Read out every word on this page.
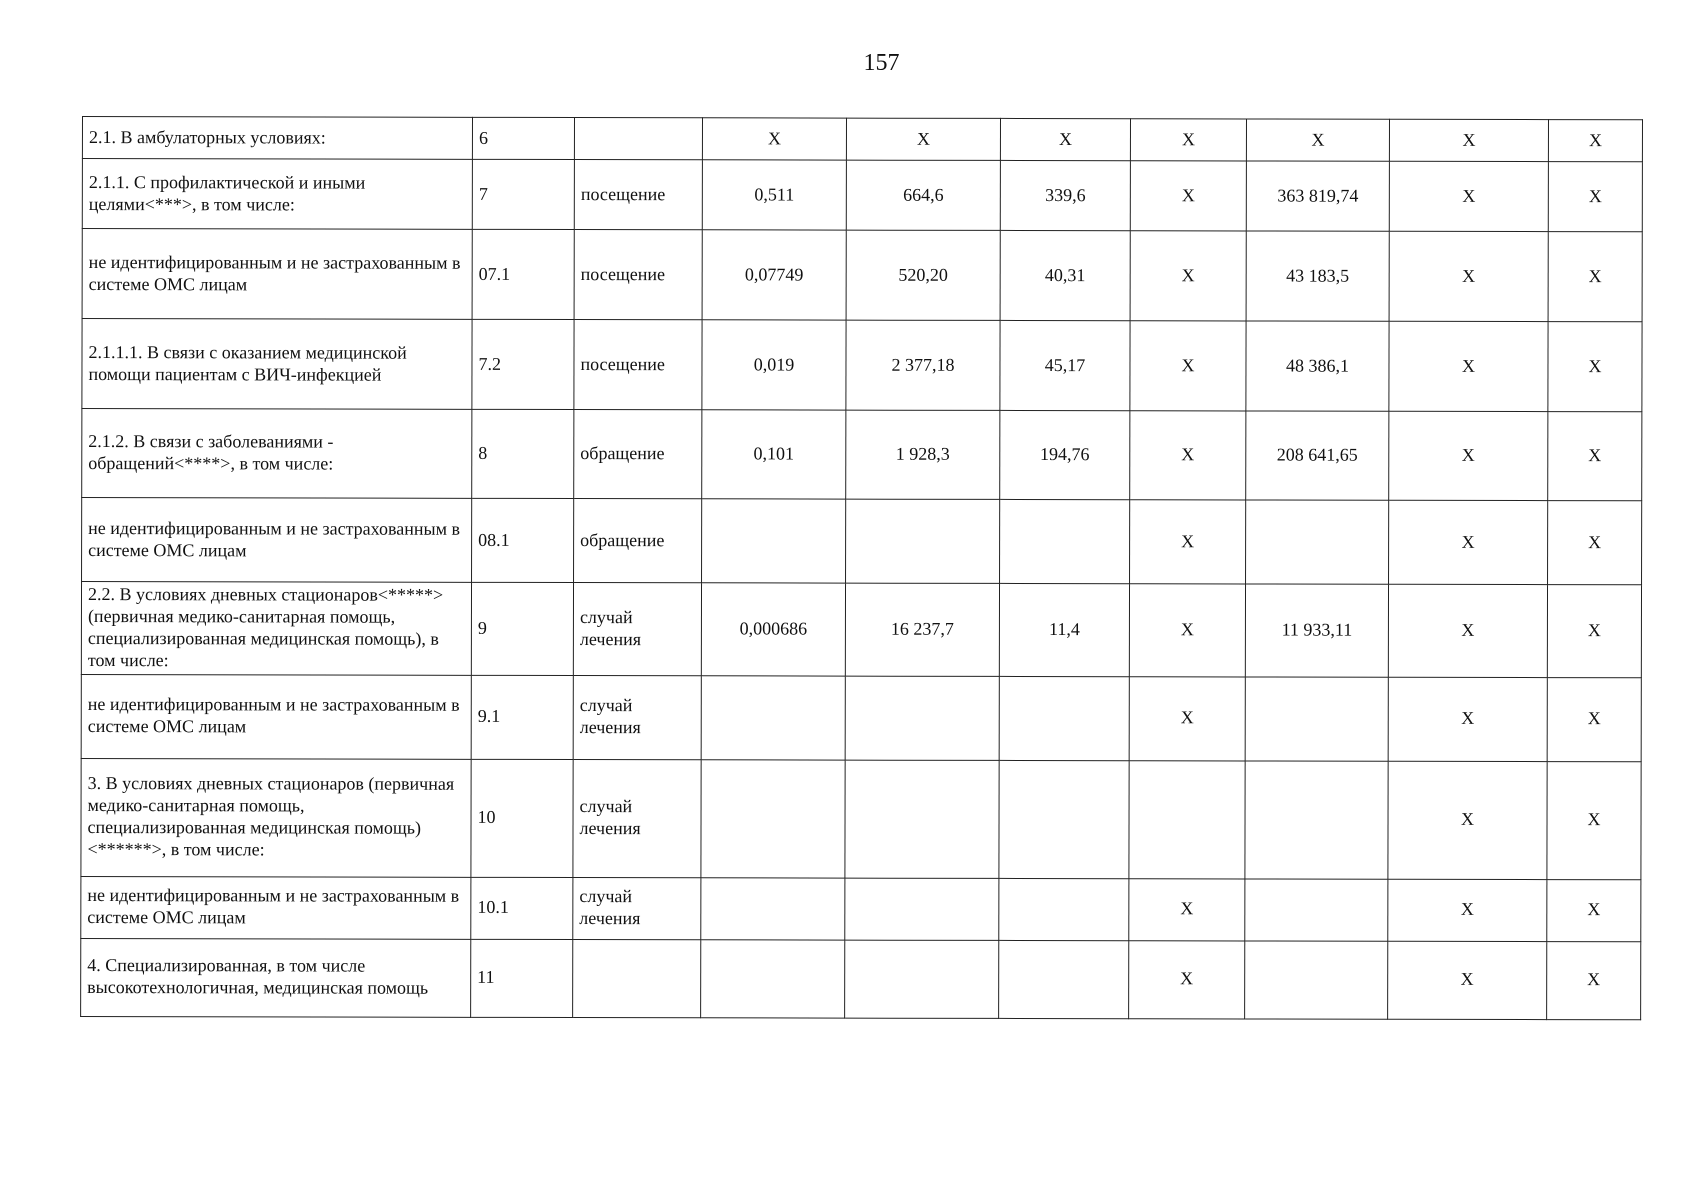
157
2.1. В амбулаторных условиях:	6		Х	Х	Х	Х	Х	Х	Х
2.1.1. С профилактической и иными целями<***>, в том числе:	7	посещение	0,511	664,6	339,6	Х	363 819,74	Х	Х
не идентифицированным и не застрахованным в системе ОМС лицам	07.1	посещение	0,07749	520,20	40,31	Х	43 183,5	Х	Х
2.1.1.1. В связи с оказанием медицинской помощи пациентам с ВИЧ-инфекцией	7.2	посещение	0,019	2 377,18	45,17	Х	48 386,1	Х	Х
2.1.2. В связи с заболеваниями - обращений<****>, в том числе:	8	обращение	0,101	1 928,3	194,76	Х	208 641,65	Х	Х
не идентифицированным и не застрахованным в системе ОМС лицам	08.1	обращение				Х		Х	Х
2.2. В условиях дневных стационаров<*****> (первичная медико-санитарная помощь, специализированная медицинская помощь), в том числе:	9	случай лечения	0,000686	16 237,7	11,4	Х	11 933,11	Х	Х
не идентифицированным и не застрахованным в системе ОМС лицам	9.1	случай лечения				Х		Х	Х
3. В условиях дневных стационаров (первичная медико-санитарная помощь, специализированная медицинская помощь) <******>, в том числе:	10	случай лечения						Х	Х
не идентифицированным и не застрахованным в системе ОМС лицам	10.1	случай лечения				Х		Х	Х
4. Специализированная, в том числе высокотехнологичная, медицинская помощь	11					Х		Х	Х
